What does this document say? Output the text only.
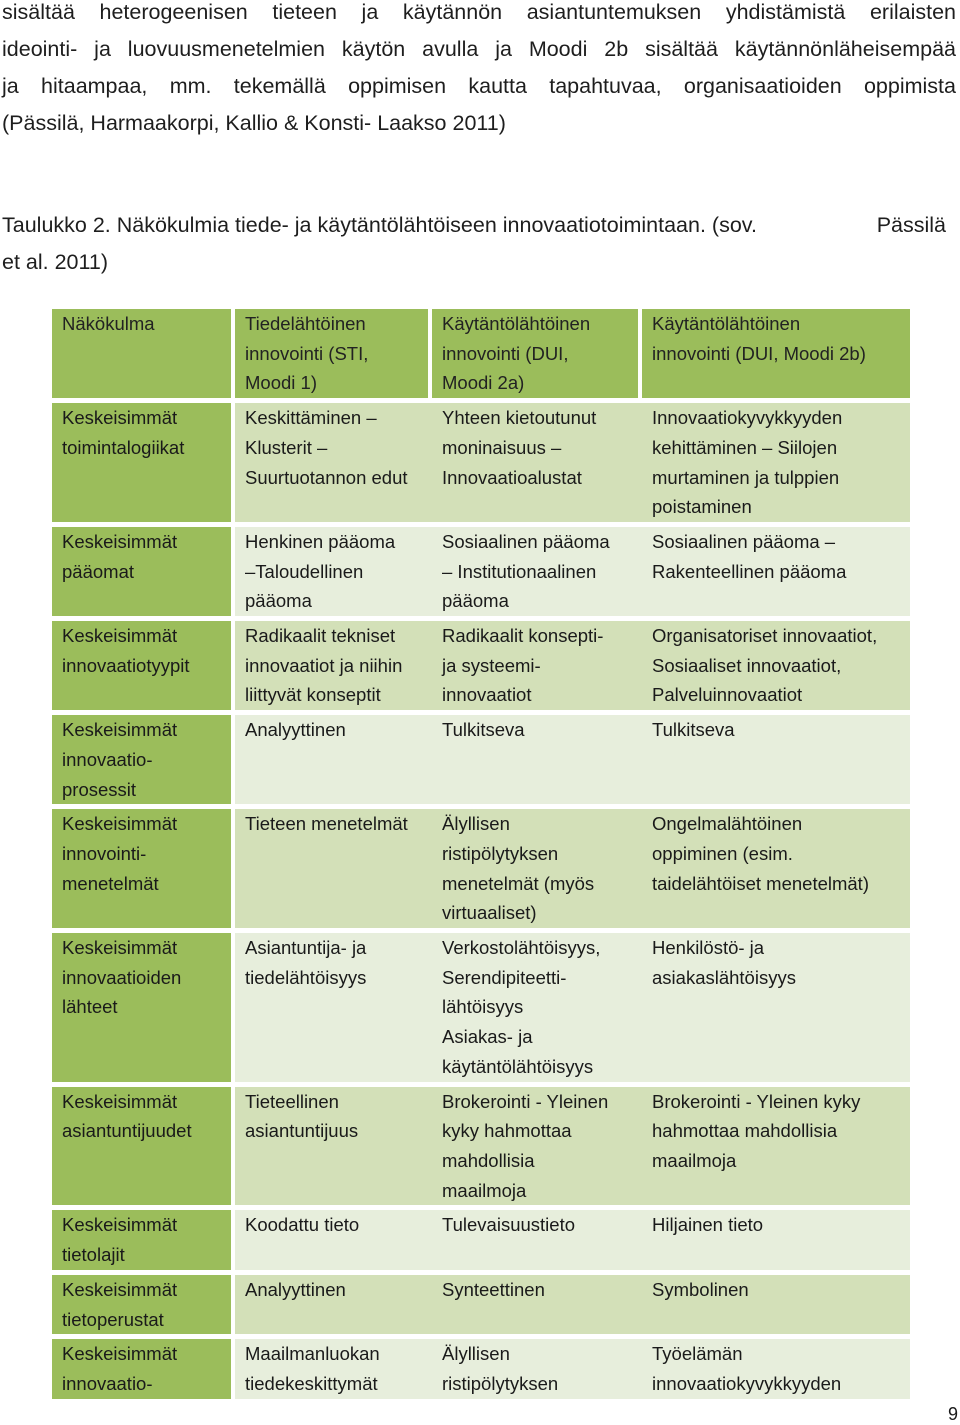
sisältää heterogeenisen tieteen ja käytännön asiantuntemuksen yhdistämistä erilaisten
ideointi- ja luovuusmenetelmien käytön avulla ja Moodi 2b sisältää käytännönläheisempää
ja hitaampaa, mm. tekemällä oppimisen kautta tapahtuvaa, organisaatioiden oppimista
(Pässilä, Harmaakorpi, Kallio & Konsti- Laakso 2011)
Taulukko 2. Näkökulmia tiede- ja käytäntölähtöiseen innovaatiotoimintaan. (sov.	Pässilä
et al. 2011)
Näkökulma	Tiedelähtöinen
innovointi (STI,
Moodi 1)	Käytäntölähtöinen
innovointi (DUI,
Moodi 2a)	Käytäntölähtöinen
innovointi (DUI, Moodi 2b)

Keskeisimmät
toimintalogiikat	Keskittäminen –
Klusterit –
Suurtuotannon edut	Yhteen kietoutunut
moninaisuus –
Innovaatioalustat	Innovaatiokyvykkyyden
kehittäminen – Siilojen
murtaminen ja tulppien
poistaminen

Keskeisimmät
pääomat	Henkinen pääoma
–Taloudellinen
pääoma	Sosiaalinen pääoma
– Institutionaalinen
pääoma	Sosiaalinen pääoma –
Rakenteellinen pääoma

Keskeisimmät
innovaatiotyypit	Radikaalit tekniset
innovaatiot ja niihin
liittyvät konseptit	Radikaalit konsepti-
ja systeemi-
innovaatiot	Organisatoriset innovaatiot,
Sosiaaliset innovaatiot,
Palveluinnovaatiot

Keskeisimmät
innovaatio-
prosessit	Analyyttinen	Tulkitseva	Tulkitseva

Keskeisimmät
innovointi-
menetelmät	Tieteen menetelmät	Älyllisen
ristipölytyksen
menetelmät (myös
virtuaaliset)	Ongelmalähtöinen
oppiminen (esim.
taidelähtöiset menetelmät)

Keskeisimmät
innovaatioiden
lähteet	Asiantuntija- ja
tiedelähtöisyys	Verkostolähtöisyys,
Serendipiteetti-
lähtöisyys
Asiakas- ja
käytäntölähtöisyys	Henkilöstö- ja
asiakaslähtöisyys

Keskeisimmät
asiantuntijuudet	Tieteellinen
asiantuntijuus	Brokerointi - Yleinen
kyky hahmottaa
mahdollisia
maailmoja	Brokerointi - Yleinen kyky
hahmottaa mahdollisia
maailmoja

Keskeisimmät
tietolajit	Koodattu tieto	Tulevaisuustieto	Hiljainen tieto

Keskeisimmät
tietoperustat	Analyyttinen	Synteettinen	Symbolinen

Keskeisimmät
innovaatio-	Maailmanluokan
tiedekeskittymät	Älyllisen
ristipölytyksen	Työelämän
innovaatiokyvykkyyden
9
